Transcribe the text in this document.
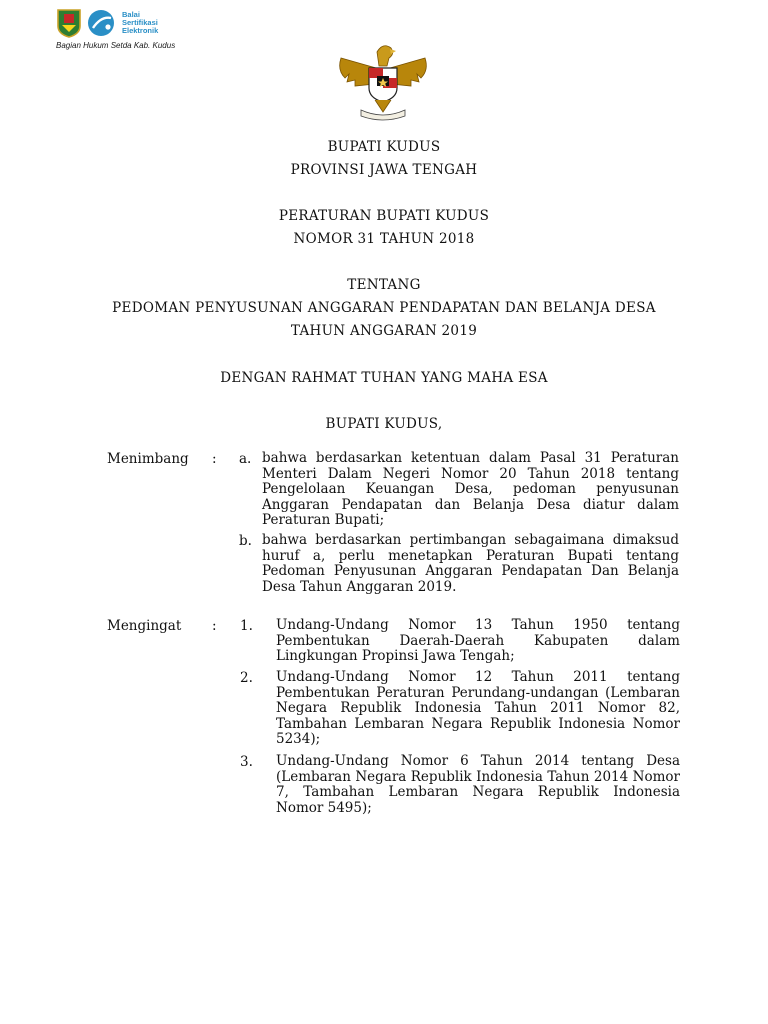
Balai
Sertifikasi
Elektronik
Bagian Hukum Setda Kab. Kudus
BUPATI KUDUS
PROVINSI JAWA TENGAH
PERATURAN BUPATI KUDUS
NOMOR 31 TAHUN 2018
TENTANG
PEDOMAN PENYUSUNAN ANGGARAN PENDAPATAN DAN BELANJA DESA
TAHUN ANGGARAN 2019
DENGAN RAHMAT TUHAN YANG MAHA ESA
BUPATI KUDUS,
Menimbang : a. bahwa berdasarkan ketentuan dalam Pasal 31 Peraturan Menteri Dalam Negeri Nomor 20 Tahun 2018 tentang Pengelolaan Keuangan Desa, pedoman penyusunan Anggaran Pendapatan dan Belanja Desa diatur dalam Peraturan Bupati;
b. bahwa berdasarkan pertimbangan sebagaimana dimaksud huruf a, perlu menetapkan Peraturan Bupati tentang Pedoman Penyusunan Anggaran Pendapatan Dan Belanja Desa Tahun Anggaran 2019.
Mengingat : 1. Undang-Undang Nomor 13 Tahun 1950 tentang Pembentukan Daerah-Daerah Kabupaten dalam Lingkungan Propinsi Jawa Tengah;
2. Undang-Undang Nomor 12 Tahun 2011 tentang Pembentukan Peraturan Perundang-undangan (Lembaran Negara Republik Indonesia Tahun 2011 Nomor 82, Tambahan Lembaran Negara Republik Indonesia Nomor 5234);
3. Undang-Undang Nomor 6 Tahun 2014 tentang Desa (Lembaran Negara Republik Indonesia Tahun 2014 Nomor 7, Tambahan Lembaran Negara Republik Indonesia Nomor 5495);
